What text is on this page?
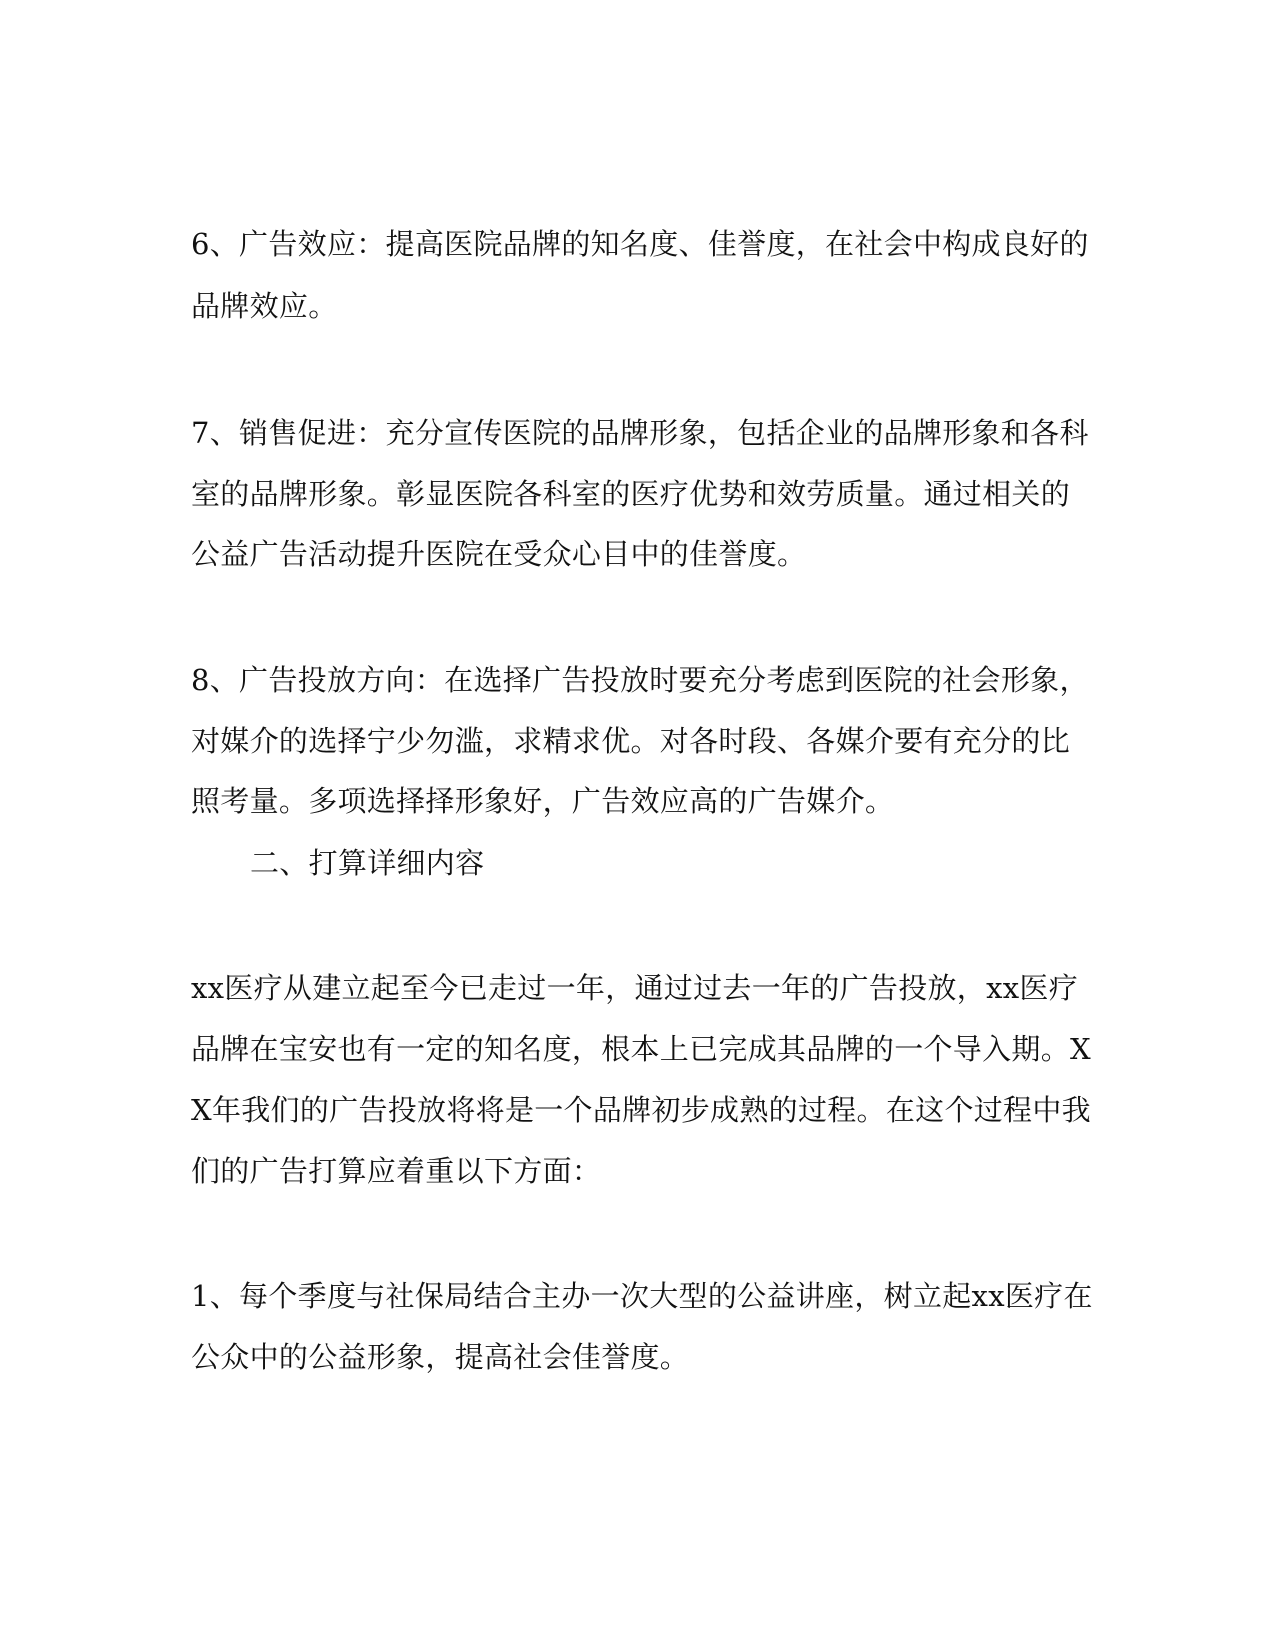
6、广告效应：提高医院品牌的知名度、佳誉度，在社会中构成良好的
品牌效应。
7、销售促进：充分宣传医院的品牌形象，包括企业的品牌形象和各科
室的品牌形象。彰显医院各科室的医疗优势和效劳质量。通过相关的
公益广告活动提升医院在受众心目中的佳誉度。
8、广告投放方向：在选择广告投放时要充分考虑到医院的社会形象，
对媒介的选择宁少勿滥，求精求优。对各时段、各媒介要有充分的比
照考量。多项选择择形象好，广告效应高的广告媒介。
二、打算详细内容
xx医疗从建立起至今已走过一年，通过过去一年的广告投放，xx医疗
品牌在宝安也有一定的知名度，根本上已完成其品牌的一个导入期。X
X年我们的广告投放将将是一个品牌初步成熟的过程。在这个过程中我
们的广告打算应着重以下方面：
1、每个季度与社保局结合主办一次大型的公益讲座，树立起xx医疗在
公众中的公益形象，提高社会佳誉度。
